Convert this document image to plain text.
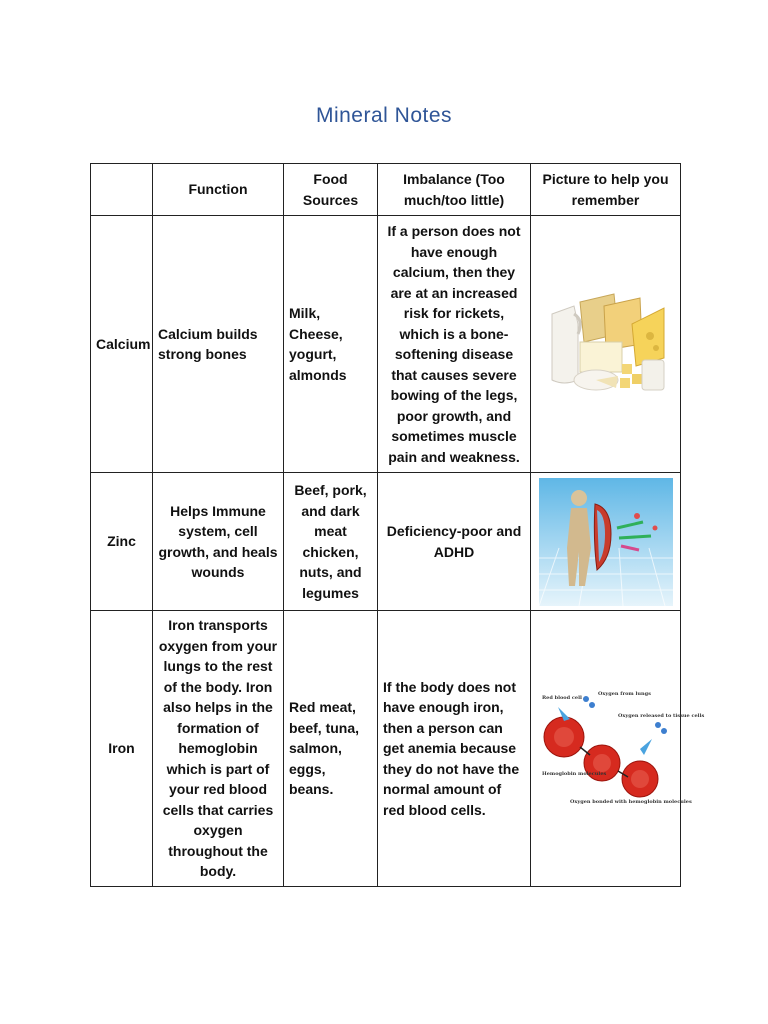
Mineral Notes
	Function	Food Sources	Imbalance (Too much/too little)	Picture to help you remember
Calcium	Calcium builds strong bones	Milk, Cheese, yogurt, almonds	If a person does not have enough calcium, then they are at an increased risk for rickets, which is a bone-softening disease that causes severe bowing of the legs, poor growth, and sometimes muscle pain and weakness.	

Zinc	Helps Immune system, cell growth, and heals wounds	Beef, pork, and dark meat chicken, nuts, and legumes	Deficiency-poor and ADHD	

Iron	Iron transports oxygen from your lungs to the rest of the body. Iron also helps in the formation of hemoglobin which is part of your red blood cells that carries oxygen throughout the body.	Red meat, beef, tuna, salmon, eggs, beans.	If the body does not have enough iron, then a person can get anemia because they do not have the normal amount of red blood cells.	Red blood cell
Oxygen from lungs
Oxygen released to tissue cells
Hemoglobin molecules
Oxygen bonded with hemoglobin molecules
